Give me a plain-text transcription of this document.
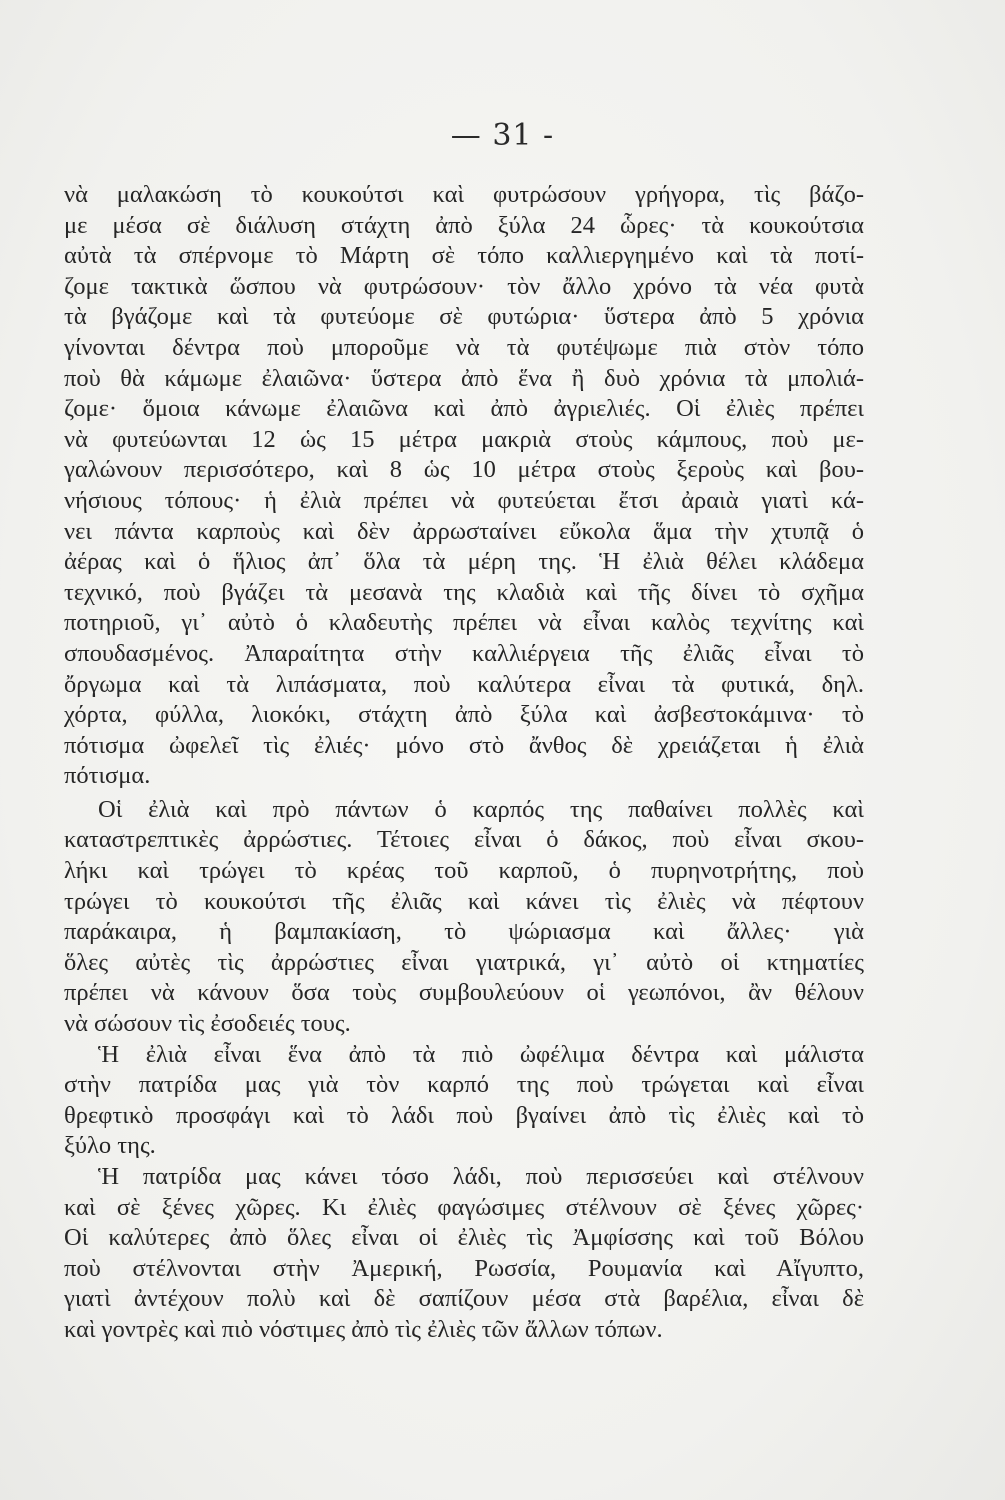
— 31 -
νὰ μαλακώση τὸ κουκούτσι καὶ φυτρώσουν γρήγορα, τὶς βάζο-
με μέσα σὲ διάλυση στάχτη ἀπὸ ξύλα 24 ὧρες· τὰ κουκούτσια
αὐτὰ τὰ σπέρνομε τὸ Μάρτη σὲ τόπο καλλιεργημένο καὶ τὰ ποτί-
ζομε τακτικὰ ὥσπου νὰ φυτρώσουν· τὸν ἄλλο χρόνο τὰ νέα φυτὰ
τὰ βγάζομε καὶ τὰ φυτεύομε σὲ φυτώρια· ὕστερα ἀπὸ 5 χρόνια
γίνονται δέντρα ποὺ μποροῦμε νὰ τὰ φυτέψωμε πιὰ στὸν τόπο
ποὺ θὰ κάμωμε ἐλαιῶνα· ὕστερα ἀπὸ ἕνα ἢ δυὸ χρόνια τὰ μπολιά-
ζομε· ὅμοια κάνωμε ἐλαιῶνα καὶ ἀπὸ ἀγριελιές. Οἱ ἐλιὲς πρέπει
νὰ φυτεύωνται 12 ὡς 15 μέτρα μακριὰ στοὺς κάμπους, ποὺ με-
γαλώνουν περισσότερο, καὶ 8 ὡς 10 μέτρα στοὺς ξεροὺς καὶ βου-
νήσιους τόπους· ἡ ἐλιὰ πρέπει νὰ φυτεύεται ἔτσι ἀραιὰ γιατὶ κά-
νει πάντα καρποὺς καὶ δὲν ἀρρωσταίνει εὔκολα ἅμα τὴν χτυπᾷ ὁ
ἀέρας καὶ ὁ ἥλιος ἀπ᾿ ὅλα τὰ μέρη της. Ἡ ἐλιὰ θέλει κλάδεμα
τεχνικό, ποὺ βγάζει τὰ μεσανὰ της κλαδιὰ καὶ τῆς δίνει τὸ σχῆμα
ποτηριοῦ, γι᾿ αὐτὸ ὁ κλαδευτὴς πρέπει νὰ εἶναι καλὸς τεχνίτης καὶ
σπουδασμένος. Ἀπαραίτητα στὴν καλλιέργεια τῆς ἐλιᾶς εἶναι τὸ
ὄργωμα καὶ τὰ λιπάσματα, ποὺ καλύτερα εἶναι τὰ φυτικά, δηλ.
χόρτα, φύλλα, λιοκόκι, στάχτη ἀπὸ ξύλα καὶ ἀσβεστοκάμινα· τὸ
πότισμα ὠφελεῖ τὶς ἐλιές· μόνο στὸ ἄνθος δὲ χρειάζεται ἡ ἐλιὰ
πότισμα.
Οἱ ἐλιὰ καὶ πρὸ πάντων ὁ καρπός της παθαίνει πολλὲς καὶ
καταστρεπτικὲς ἀρρώστιες. Τέτοιες εἶναι ὁ δάκος, ποὺ εἶναι σκου-
λήκι καὶ τρώγει τὸ κρέας τοῦ καρποῦ, ὁ πυρηνοτρήτης, ποὺ
τρώγει τὸ κουκούτσι τῆς ἐλιᾶς καὶ κάνει τὶς ἐλιὲς νὰ πέφτουν
παράκαιρα, ἡ βαμπακίαση, τὸ ψώριασμα καὶ ἄλλες· γιὰ
ὅλες αὐτὲς τὶς ἀρρώστιες εἶναι γιατρικά, γι᾿ αὐτὸ οἱ κτηματίες
πρέπει νὰ κάνουν ὅσα τοὺς συμβουλεύουν οἱ γεωπόνοι, ἂν θέλουν
νὰ σώσουν τὶς ἐσοδειές τους.
Ἡ ἐλιὰ εἶναι ἕνα ἀπὸ τὰ πιὸ ὠφέλιμα δέντρα καὶ μάλιστα
στὴν πατρίδα μας γιὰ τὸν καρπό της ποὺ τρώγεται καὶ εἶναι
θρεφτικὸ προσφάγι καὶ τὸ λάδι ποὺ βγαίνει ἀπὸ τὶς ἐλιὲς καὶ τὸ
ξύλο της.
Ἡ πατρίδα μας κάνει τόσο λάδι, ποὺ περισσεύει καὶ στέλνουν
καὶ σὲ ξένες χῶρες. Κι ἐλιὲς φαγώσιμες στέλνουν σὲ ξένες χῶρες·
Οἱ καλύτερες ἀπὸ ὅλες εἶναι οἱ ἐλιὲς τὶς Ἀμφίσσης καὶ τοῦ Βόλου
ποὺ στέλνονται στὴν Ἀμερική, Ρωσσία, Ρουμανία καὶ Αἴγυπτο,
γιατὶ ἀντέχουν πολὺ καὶ δὲ σαπίζουν μέσα στὰ βαρέλια, εἶναι δὲ
καὶ γοντρὲς καὶ πιὸ νόστιμες ἀπὸ τὶς ἐλιὲς τῶν ἄλλων τόπων.
